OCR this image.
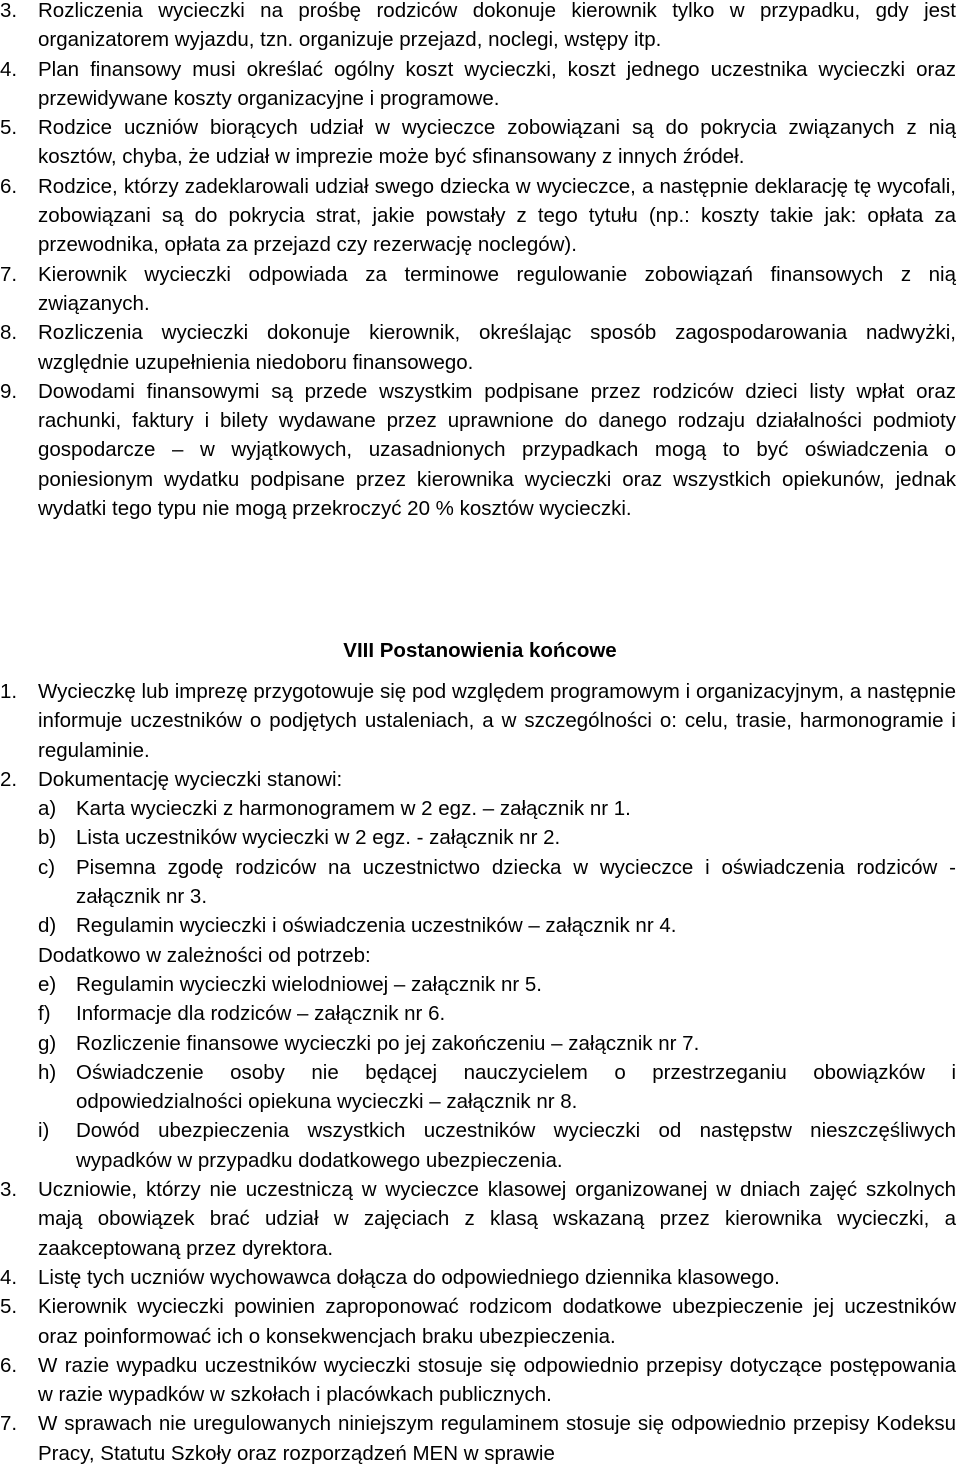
3. Rozliczenia wycieczki na prośbę rodziców dokonuje kierownik tylko w przypadku, gdy jest organizatorem wyjazdu, tzn. organizuje przejazd, noclegi, wstępy itp.
4. Plan finansowy musi określać ogólny koszt wycieczki, koszt jednego uczestnika wycieczki oraz przewidywane koszty organizacyjne i programowe.
5. Rodzice uczniów biorących udział w wycieczce zobowiązani są do pokrycia związanych z nią kosztów, chyba, że udział w imprezie może być sfinansowany z innych źródeł.
6. Rodzice, którzy zadeklarowali udział swego dziecka w wycieczce, a następnie deklarację tę wycofali, zobowiązani są do pokrycia strat, jakie powstały z tego tytułu (np.: koszty takie jak: opłata za przewodnika, opłata za przejazd czy rezerwację noclegów).
7. Kierownik wycieczki odpowiada za terminowe regulowanie zobowiązań finansowych z nią związanych.
8. Rozliczenia wycieczki dokonuje kierownik, określając sposób zagospodarowania nadwyżki, względnie uzupełnienia niedoboru finansowego.
9. Dowodami finansowymi są przede wszystkim podpisane przez rodziców dzieci listy wpłat oraz rachunki, faktury i bilety wydawane przez uprawnione do danego rodzaju działalności podmioty gospodarcze – w wyjątkowych, uzasadnionych przypadkach mogą to być oświadczenia o poniesionym wydatku podpisane przez kierownika wycieczki oraz wszystkich opiekunów, jednak wydatki tego typu nie mogą przekroczyć 20 % kosztów wycieczki.
VIII Postanowienia końcowe
1. Wycieczkę lub imprezę przygotowuje się pod względem programowym i organizacyjnym, a następnie informuje uczestników o podjętych ustaleniach, a w szczególności o: celu, trasie, harmonogramie i regulaminie.
2. Dokumentację wycieczki stanowi:
a) Karta wycieczki z harmonogramem w 2 egz. – załącznik nr 1.
b) Lista uczestników wycieczki w 2 egz. - załącznik nr 2.
c) Pisemna zgodę rodziców na uczestnictwo dziecka w wycieczce i oświadczenia rodziców - załącznik nr 3.
d) Regulamin wycieczki i oświadczenia uczestników – załącznik nr 4.
Dodatkowo w zależności od potrzeb:
e) Regulamin wycieczki wielodniowej – załącznik nr 5.
f) Informacje dla rodziców – załącznik nr 6.
g) Rozliczenie finansowe wycieczki po jej zakończeniu – załącznik nr 7.
h) Oświadczenie osoby nie będącej nauczycielem o przestrzeganiu obowiązków i odpowiedzialności opiekuna wycieczki – załącznik nr 8.
i) Dowód ubezpieczenia wszystkich uczestników wycieczki od następstw nieszczęśliwych wypadków w przypadku dodatkowego ubezpieczenia.
3. Uczniowie, którzy nie uczestniczą w wycieczce klasowej organizowanej w dniach zajęć szkolnych mają obowiązek brać udział w zajęciach z klasą wskazaną przez kierownika wycieczki, a zaakceptowaną przez dyrektora.
4. Listę tych uczniów wychowawca dołącza do odpowiedniego dziennika klasowego.
5. Kierownik wycieczki powinien zaproponować rodzicom dodatkowe ubezpieczenie jej uczestników oraz poinformować ich o konsekwencjach braku ubezpieczenia.
6. W razie wypadku uczestników wycieczki stosuje się odpowiednio przepisy dotyczące postępowania w razie wypadków w szkołach i placówkach publicznych.
7. W sprawach nie uregulowanych niniejszym regulaminem stosuje się odpowiednio przepisy Kodeksu Pracy, Statutu Szkoły oraz rozporządzeń MEN w sprawie
